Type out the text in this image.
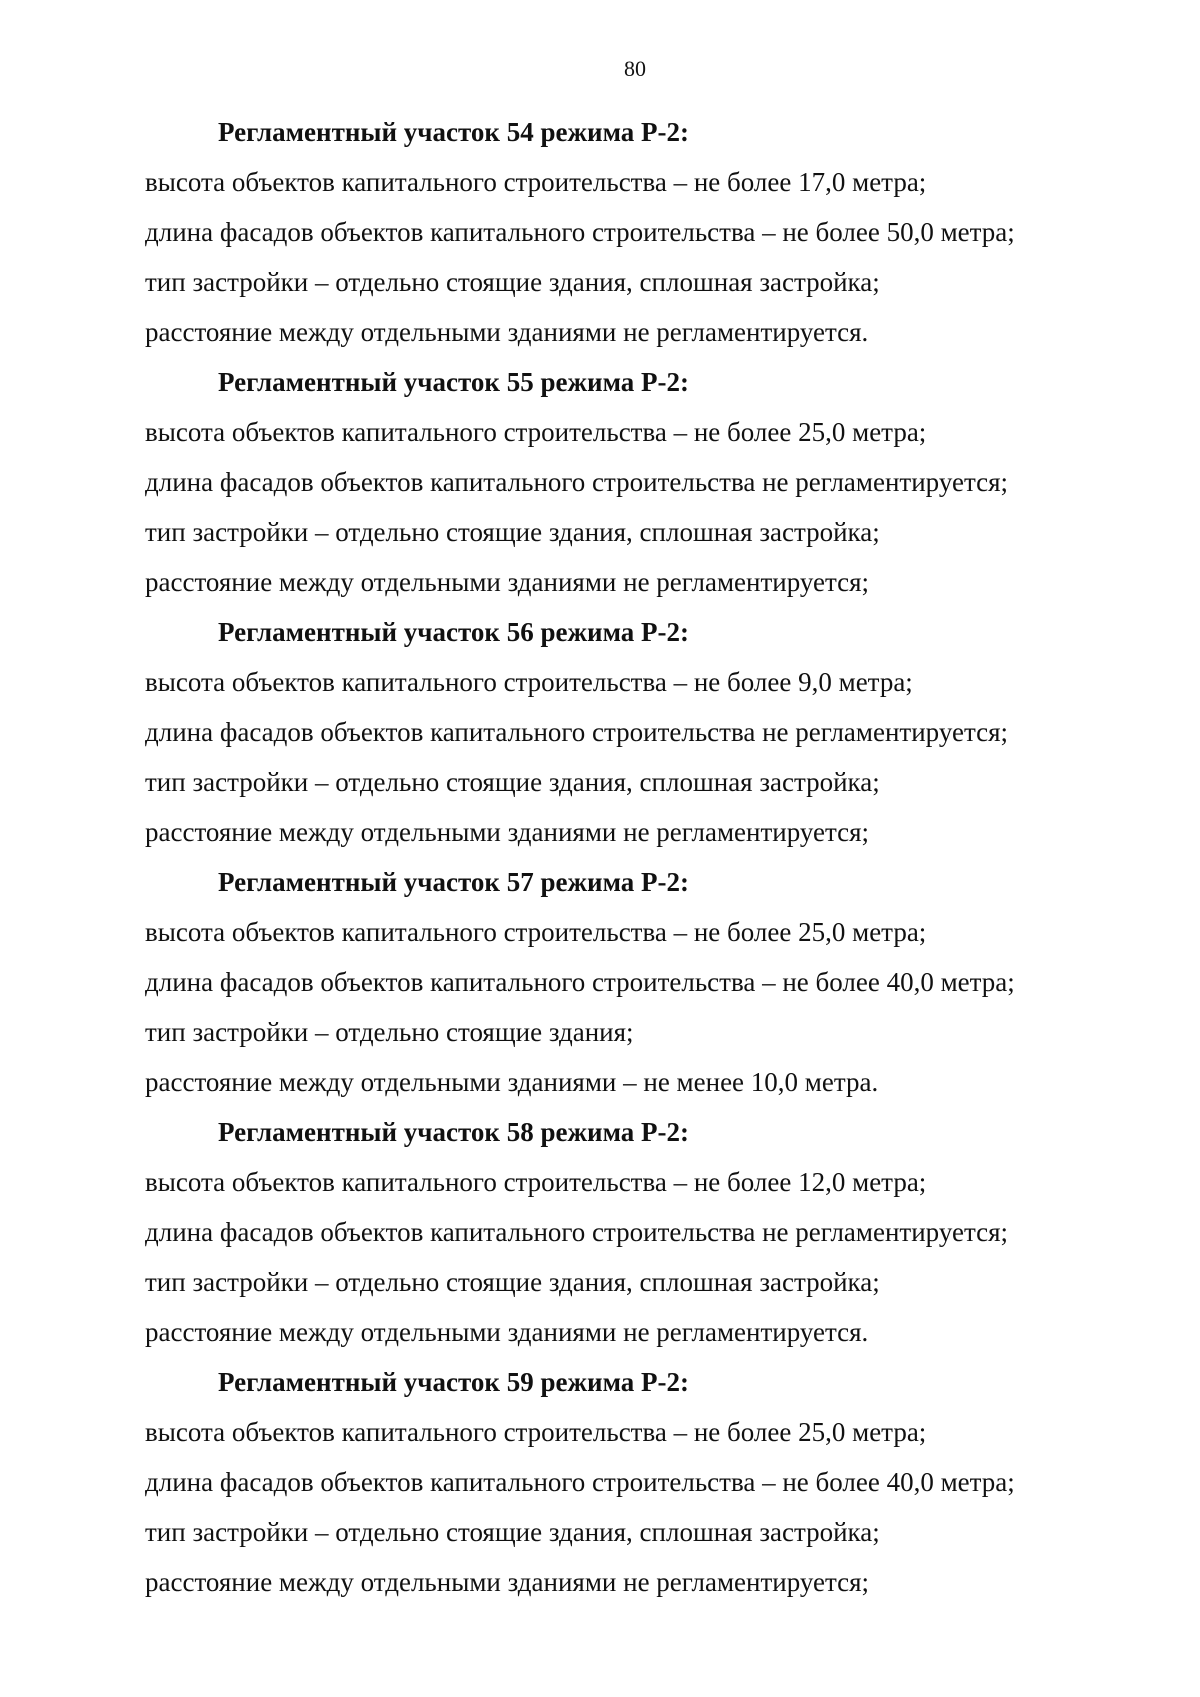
80
Регламентный участок 54 режима Р-2:
высота объектов капитального строительства – не более 17,0 метра;
длина фасадов объектов капитального строительства – не более 50,0 метра;
тип застройки – отдельно стоящие здания, сплошная застройка;
расстояние между отдельными зданиями не регламентируется.
Регламентный участок 55 режима Р-2:
высота объектов капитального строительства – не более 25,0 метра;
длина фасадов объектов капитального строительства не регламентируется;
тип застройки – отдельно стоящие здания, сплошная застройка;
расстояние между отдельными зданиями не регламентируется;
Регламентный участок 56 режима Р-2:
высота объектов капитального строительства – не более 9,0 метра;
длина фасадов объектов капитального строительства не регламентируется;
тип застройки – отдельно стоящие здания, сплошная застройка;
расстояние между отдельными зданиями не регламентируется;
Регламентный участок 57 режима Р-2:
высота объектов капитального строительства – не более 25,0 метра;
длина фасадов объектов капитального строительства – не более 40,0 метра;
тип застройки – отдельно стоящие здания;
расстояние между отдельными зданиями – не менее 10,0 метра.
Регламентный участок 58 режима Р-2:
высота объектов капитального строительства – не более 12,0 метра;
длина фасадов объектов капитального строительства не регламентируется;
тип застройки – отдельно стоящие здания, сплошная застройка;
расстояние между отдельными зданиями не регламентируется.
Регламентный участок 59 режима Р-2:
высота объектов капитального строительства – не более 25,0 метра;
длина фасадов объектов капитального строительства – не более 40,0 метра;
тип застройки – отдельно стоящие здания, сплошная застройка;
расстояние между отдельными зданиями не регламентируется;
